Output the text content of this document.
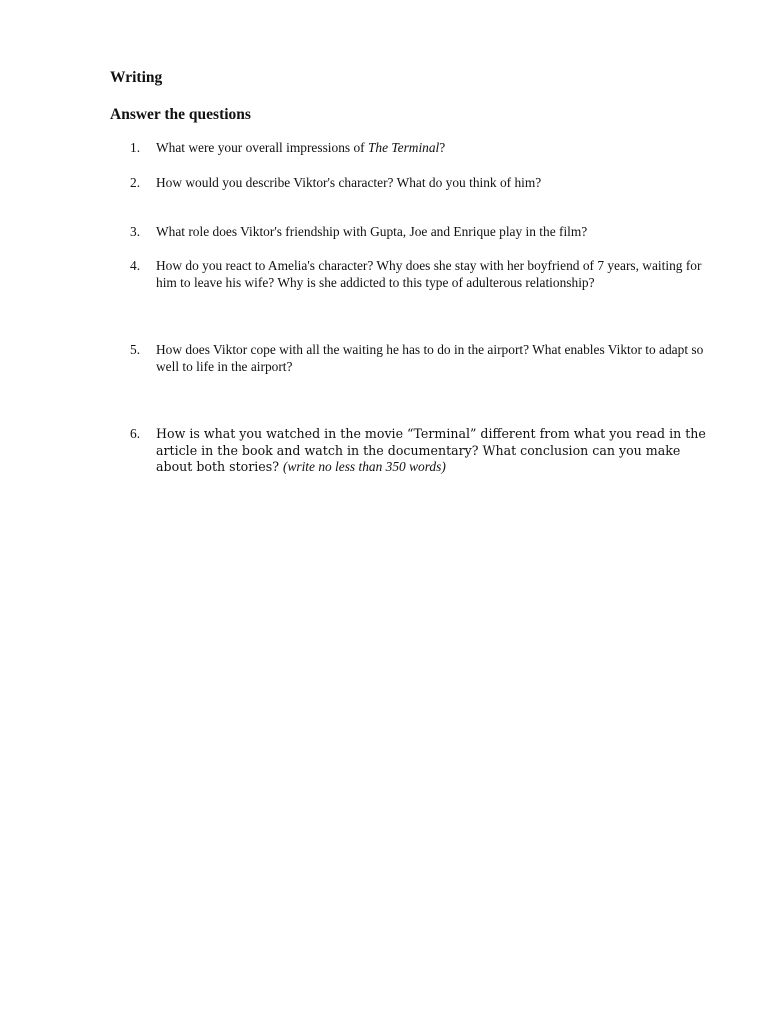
Writing
Answer the questions
1.	What were your overall impressions of The Terminal?
2.	How would you describe Viktor's character? What do you think of him?
3.	What role does Viktor's friendship with Gupta, Joe and Enrique play in the film?
4.	How do you react to Amelia's character? Why does she stay with her boyfriend of 7 years, waiting for him to leave his wife? Why is she addicted to this type of adulterous relationship?
5.	How does Viktor cope with all the waiting he has to do in the airport? What enables Viktor to adapt so well to life in the airport?
6.	How is what you watched in the movie “Terminal” different from what you read in the article in the book and watch in the documentary? What conclusion can you make about both stories? (write no less than 350 words)
